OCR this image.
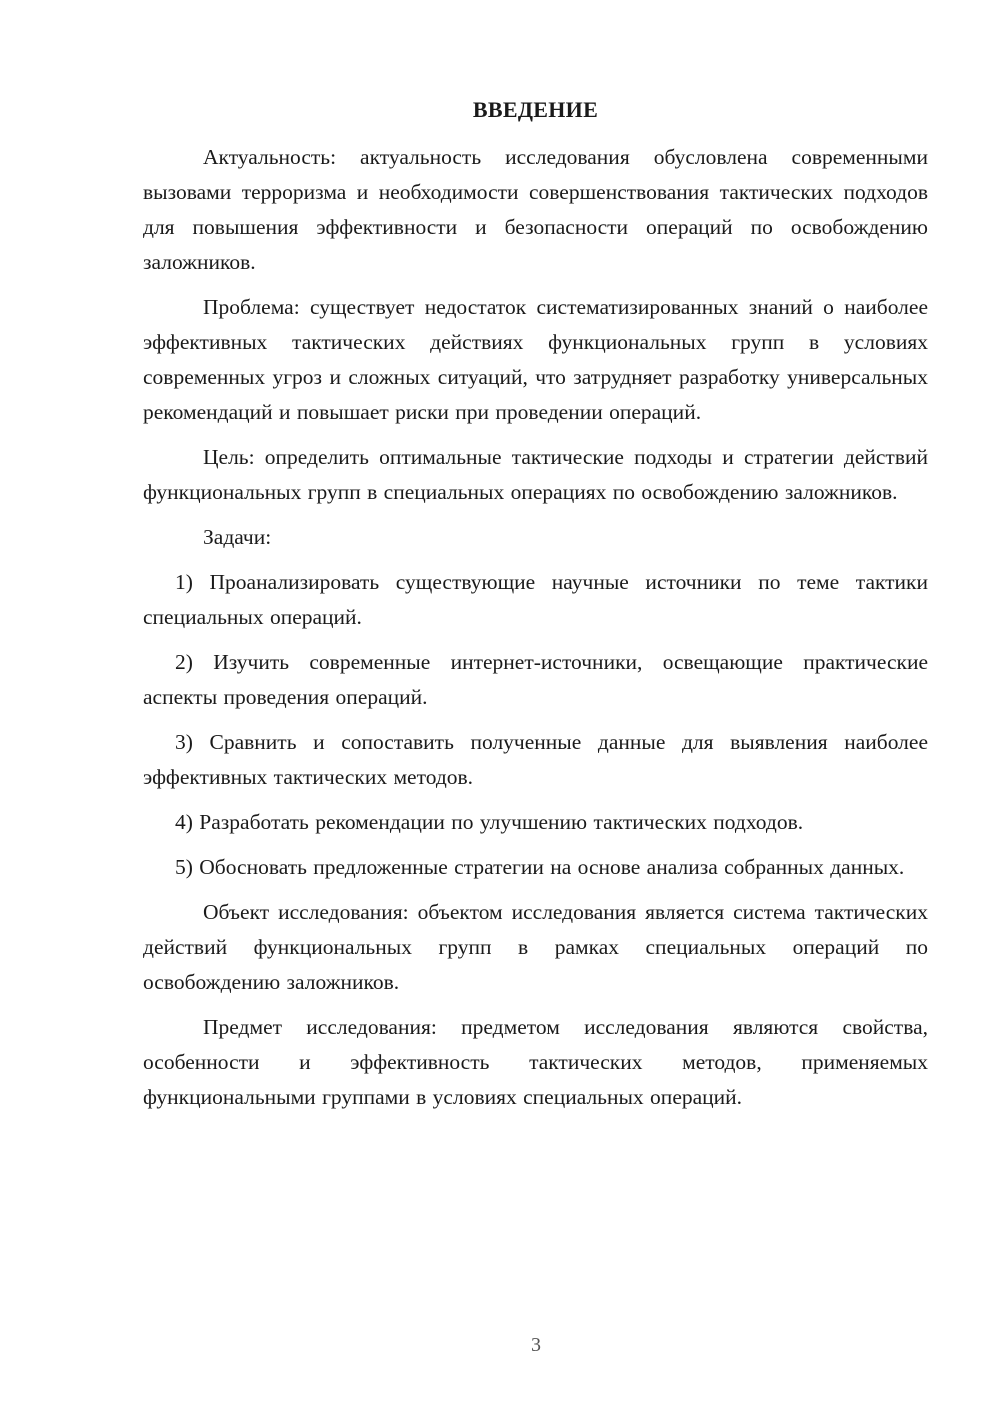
ВВЕДЕНИЕ

Актуальность: актуальность исследования обусловлена современными вызовами терроризма и необходимости совершенствования тактических подходов для повышения эффективности и безопасности операций по освобождению заложников.

Проблема: существует недостаток систематизированных знаний о наиболее эффективных тактических действиях функциональных групп в условиях современных угроз и сложных ситуаций, что затрудняет разработку универсальных рекомендаций и повышает риски при проведении операций.

Цель: определить оптимальные тактические подходы и стратегии действий функциональных групп в специальных операциях по освобождению заложников.

Задачи:

1) Проанализировать существующие научные источники по теме тактики специальных операций.

2) Изучить современные интернет-источники, освещающие практические аспекты проведения операций.

3) Сравнить и сопоставить полученные данные для выявления наиболее эффективных тактических методов.

4) Разработать рекомендации по улучшению тактических подходов.

5) Обосновать предложенные стратегии на основе анализа собранных данных.

Объект исследования: объектом исследования является система тактических действий функциональных групп в рамках специальных операций по освобождению заложников.

Предмет исследования: предметом исследования являются свойства, особенности и эффективность тактических методов, применяемых функциональными группами в условиях специальных операций.

3
